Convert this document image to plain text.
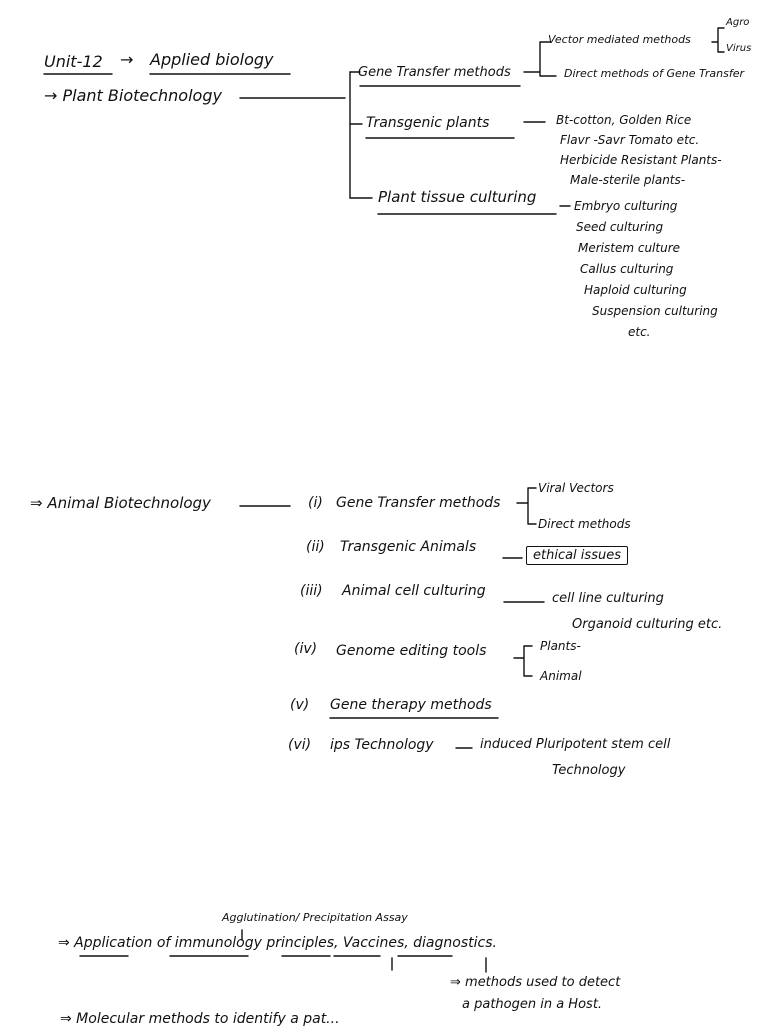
Unit-12 → Applied biology
→ Plant Biotechnology
Gene Transfer methods
Vector mediated methods
Agro
Virus
Direct methods of Gene Transfer
Transgenic plants	Bt-cotton, Golden Rice
Flavr -Savr Tomato etc.
Herbicide Resistant Plants-
Male-sterile plants-
Plant tissue culturing	Embryo culturing
Seed culturing
Meristem culture
Callus culturing
Haploid culturing
Suspension culturing
etc.
⇒ Animal Biotechnology	(i) Gene Transfer methods
Viral Vectors
Direct methods
(ii) Transgenic Animals
ethical issues
(iii) Animal cell culturing	cell line culturing
Organoid culturing etc.
(iv) Genome editing tools	Plants-
Animal
(v) Gene therapy methods
(vi) ips Technology	induced Pluripotent stem cell
Technology
Agglutination/ Precipitation Assay
⇒ Application of immunology principles, Vaccines, diagnostics.
⇒ methods used to detect
a pathogen in a Host.
⇒ Molecular methods to identify a pat...
